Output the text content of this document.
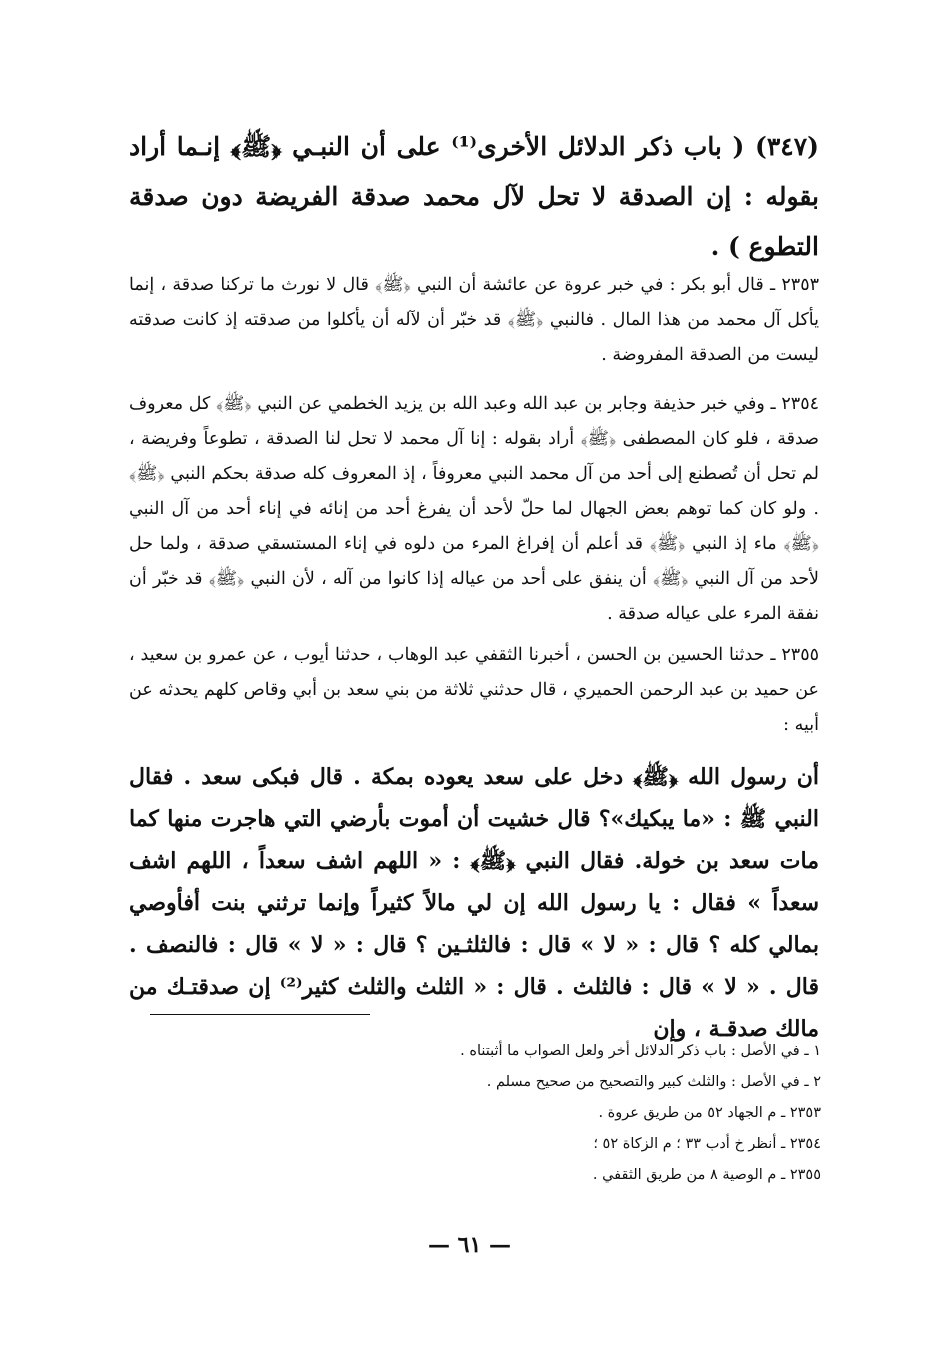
(٣٤٧) ( باب ذكر الدلائل الأخرى⁽¹⁾ على أن النبـي ﴿ﷺ﴾ إنـما أراد بقوله : إن الصدقة لا تحل لآل محمد صدقة الفريضة دون صدقة التطوع ) .
٢٣٥٣ ـ قال أبو بكر : في خبر عروة عن عائشة أن النبي ﴿ﷺ﴾ قال لا نورث ما تركنا صدقة ، إنما يأكل آل محمد من هذا المال . فالنبي ﴿ﷺ﴾ قد خبّر أن لآله أن يأكلوا من صدقته إذ كانت صدقته ليست من الصدقة المفروضة .
٢٣٥٤ ـ وفي خبر حذيفة وجابر بن عبد الله وعبد الله بن يزيد الخطمي عن النبي ﴿ﷺ﴾ كل معروف صدقة ، فلو كان المصطفى ﴿ﷺ﴾ أراد بقوله : إنا آل محمد لا تحل لنا الصدقة ، تطوعاً وفريضة ، لم تحل أن تُصطنع إلى أحد من آل محمد النبي معروفاً ، إذ المعروف كله صدقة بحكم النبي ﴿ﷺ﴾ . ولو كان كما توهم بعض الجهال لما حلّ لأحد أن يفرغ أحد من إنائه في إناء أحد من آل النبي ﴿ﷺ﴾ ماء إذ النبي ﴿ﷺ﴾ قد أعلم أن إفراغ المرء من دلوه في إناء المستسقي صدقة ، ولما حل لأحد من آل النبي ﴿ﷺ﴾ أن ينفق على أحد من عياله إذا كانوا من آله ، لأن النبي ﴿ﷺ﴾ قد خبّر أن نفقة المرء على عياله صدقة .
٢٣٥٥ ـ حدثنا الحسين بن الحسن ، أخبرنا الثقفي عبد الوهاب ، حدثنا أيوب ، عن عمرو بن سعيد ، عن حميد بن عبد الرحمن الحميري ، قال حدثني ثلاثة من بني سعد بن أبي وقاص كلهم يحدثه عن أبيه :
أن رسول الله ﴿ﷺ﴾ دخل على سعد يعوده بمكة . قال فبكى سعد . فقال النبي ﷺ : «ما يبكيك»؟ قال خشيت أن أموت بأرضي التي هاجرت منها كما مات سعد بن خولة. فقال النبي ﴿ﷺ﴾ : « اللهم اشف سعداً ، اللهم اشف سعداً » فقال : يا رسول الله إن لي مالاً كثيراً وإنما ترثني بنت أفأوصي بمالي كله ؟ قال : « لا » قال : فالثلثـين ؟ قال : « لا » قال : فالنصف . قال . « لا » قال : فالثلث . قال : « الثلث والثلث كثير⁽²⁾ إن صدقتـك من مالك صدقـة ، وإن
١ ـ في الأصل : باب ذكر الدلائل أخر ولعل الصواب ما أثبتناه .
٢ ـ في الأصل : والثلث كبير والتصحيح من صحيح مسلم .
٢٣٥٣ ـ م الجهاد ٥٢ من طريق عروة .
٢٣٥٤ ـ أنظر خ أدب ٣٣ ؛ م الزكاة ٥٢ ؛
٢٣٥٥ ـ م الوصية ٨ من طريق الثقفي .
— ٦١ —
